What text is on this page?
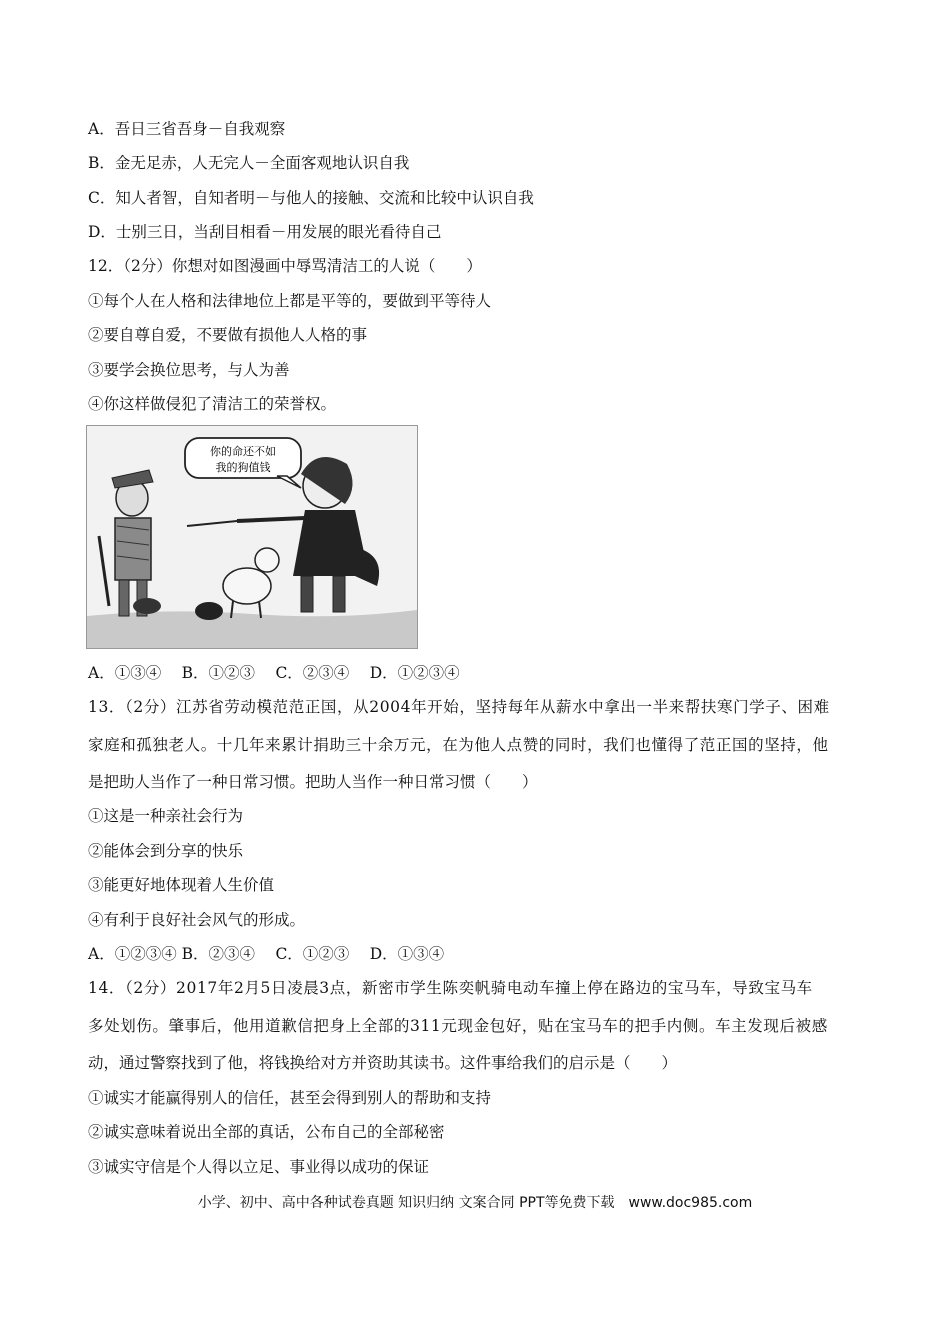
A．吾日三省吾身－自我观察
B．金无足赤，人无完人－全面客观地认识自我
C．知人者智，自知者明－与他人的接触、交流和比较中认识自我
D．士别三日，当刮目相看－用发展的眼光看待自己
12．（2分）你想对如图漫画中辱骂清洁工的人说（　　）
①每个人在人格和法律地位上都是平等的，要做到平等待人
②要自尊自爱，不要做有损他人人格的事
③要学会换位思考，与人为善
④你这样做侵犯了清洁工的荣誉权。
你的命还不如
我的狗值钱
A．①③④　 B．①②③　 C．②③④　 D．①②③④
13．（2分）江苏省劳动模范范正国，从2004年开始，坚持每年从薪水中拿出一半来帮扶寒门学子、困难
家庭和孤独老人。十几年来累计捐助三十余万元，在为他人点赞的同时，我们也懂得了范正国的坚持，他
是把助人当作了一种日常习惯。把助人当作一种日常习惯（　　）
①这是一种亲社会行为
②能体会到分享的快乐
③能更好地体现着人生价值
④有利于良好社会风气的形成。
A．①②③④ B．②③④　 C．①②③　 D．①③④
14．（2分）2017年2月5日凌晨3点，新密市学生陈奕帆骑电动车撞上停在路边的宝马车，导致宝马车
多处划伤。肇事后，他用道歉信把身上全部的311元现金包好，贴在宝马车的把手内侧。车主发现后被感
动，通过警察找到了他，将钱换给对方并资助其读书。这件事给我们的启示是（　　）
①诚实才能赢得别人的信任，甚至会得到别人的帮助和支持
②诚实意味着说出全部的真话，公布自己的全部秘密
③诚实守信是个人得以立足、事业得以成功的保证
小学、初中、高中各种试卷真题 知识归纳 文案合同 PPT等免费下载　www.doc985.com
